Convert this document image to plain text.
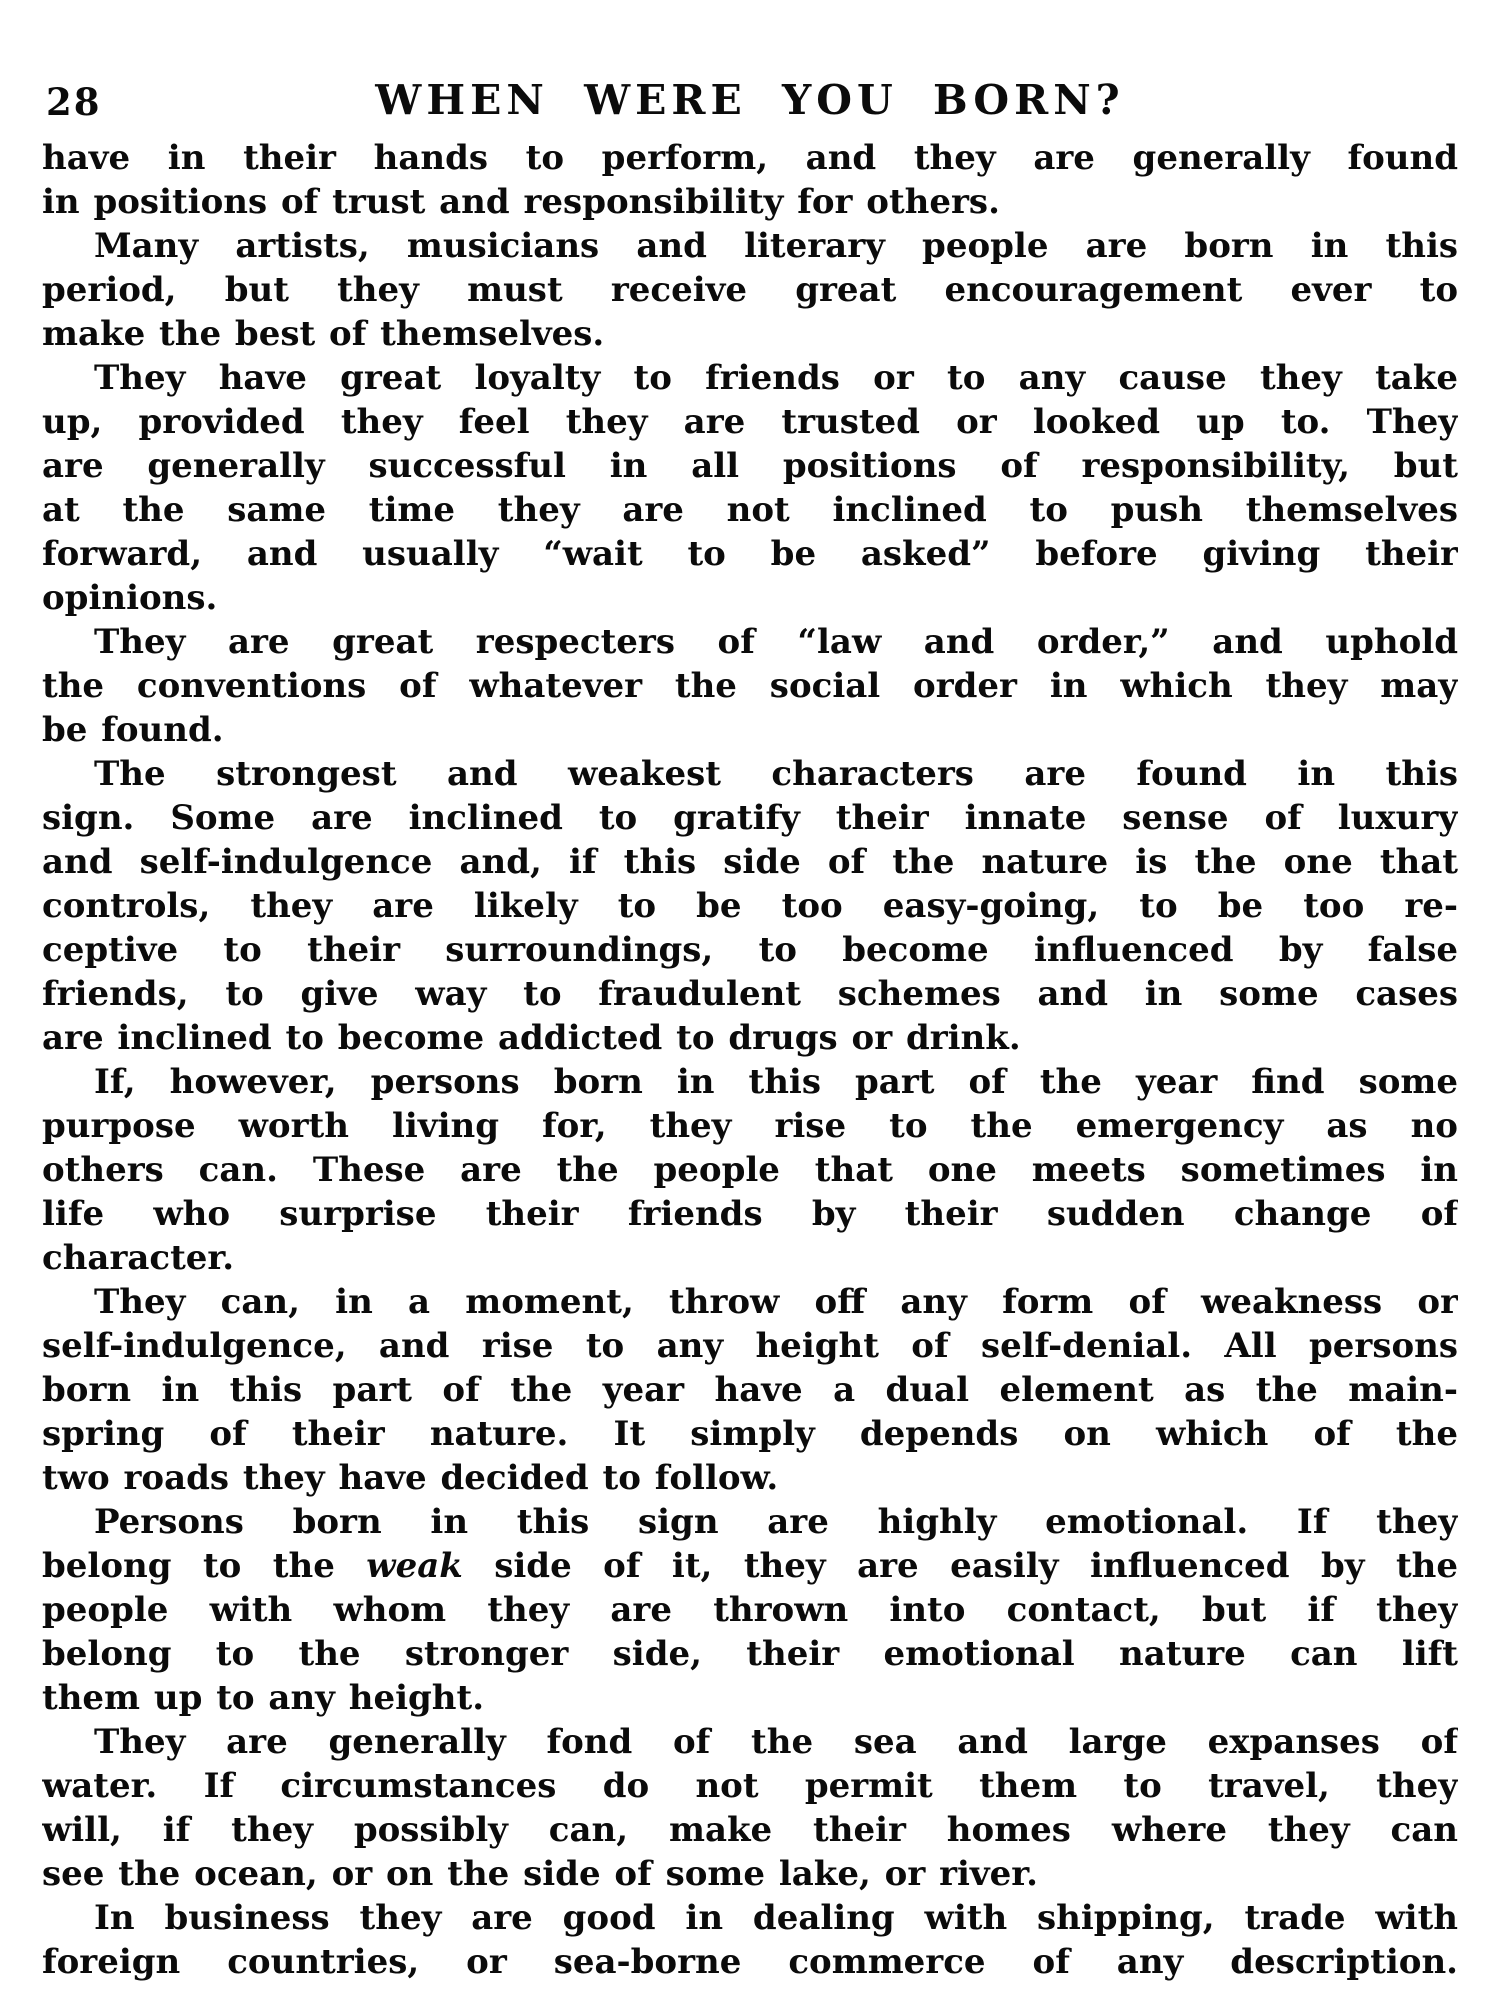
28	WHEN WERE YOU BORN?
have in their hands to perform, and they are generally found
in positions of trust and responsibility for others.
Many artists, musicians and literary people are born in this
period, but they must receive great encouragement ever to
make the best of themselves.
They have great loyalty to friends or to any cause they take
up, provided they feel they are trusted or looked up to. They
are generally successful in all positions of responsibility, but
at the same time they are not inclined to push themselves
forward, and usually “wait to be asked” before giving their
opinions.
They are great respecters of “law and order,” and uphold
the conventions of whatever the social order in which they may
be found.
The strongest and weakest characters are found in this
sign. Some are inclined to gratify their innate sense of luxury
and self-indulgence and, if this side of the nature is the one that
controls, they are likely to be too easy-going, to be too re-
ceptive to their surroundings, to become influenced by false
friends, to give way to fraudulent schemes and in some cases
are inclined to become addicted to drugs or drink.
If, however, persons born in this part of the year find some
purpose worth living for, they rise to the emergency as no
others can. These are the people that one meets sometimes in
life who surprise their friends by their sudden change of
character.
They can, in a moment, throw off any form of weakness or
self-indulgence, and rise to any height of self-denial. All persons
born in this part of the year have a dual element as the main-
spring of their nature. It simply depends on which of the
two roads they have decided to follow.
Persons born in this sign are highly emotional. If they
belong to the weak side of it, they are easily influenced by the
people with whom they are thrown into contact, but if they
belong to the stronger side, their emotional nature can lift
them up to any height.
They are generally fond of the sea and large expanses of
water. If circumstances do not permit them to travel, they
will, if they possibly can, make their homes where they can
see the ocean, or on the side of some lake, or river.
In business they are good in dealing with shipping, trade with
foreign countries, or sea-borne commerce of any description.
